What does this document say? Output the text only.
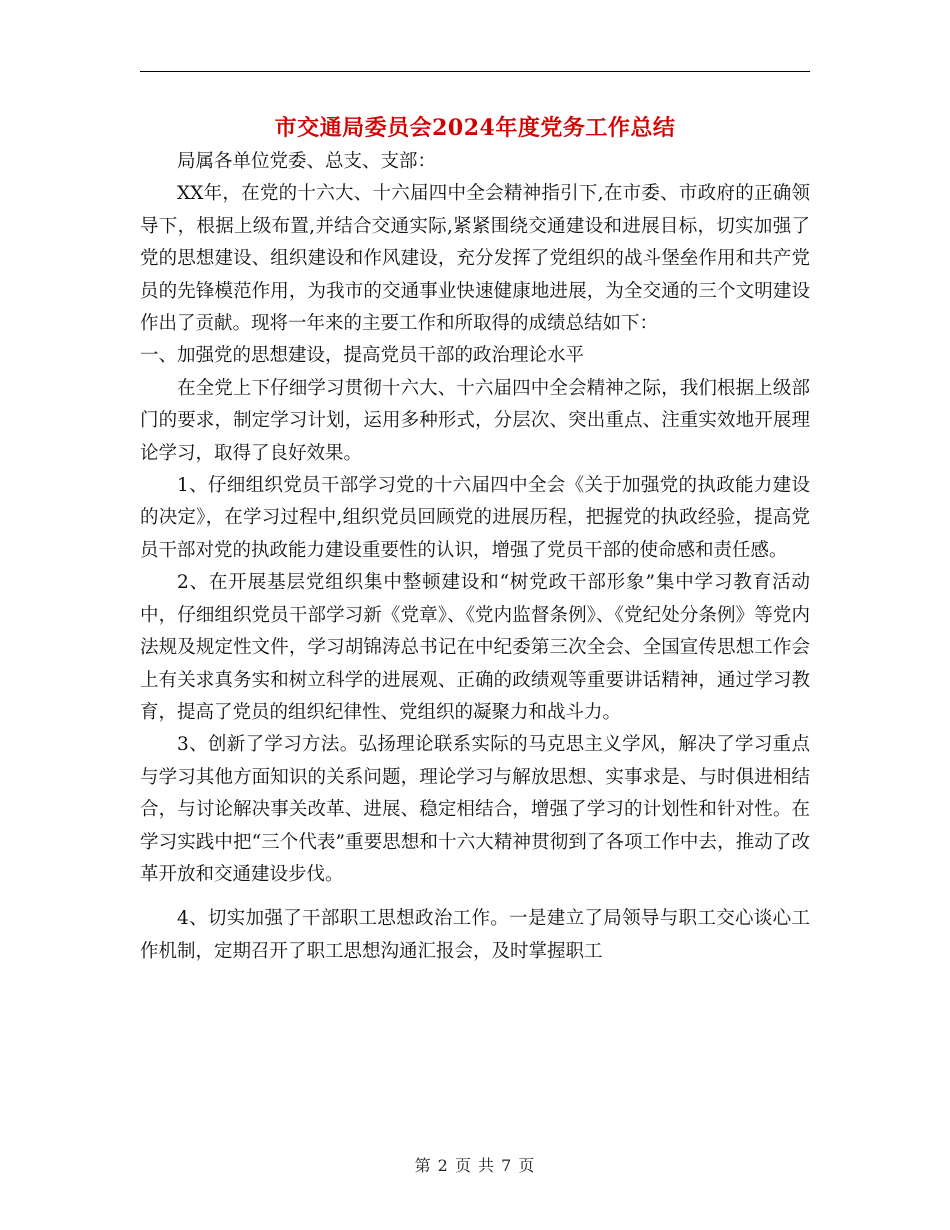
市交通局委员会2024年度党务工作总结

局属各单位党委、总支、支部：

XX年，在党的十六大、十六届四中全会精神指引下,在市委、市政府的正确领导下，根据上级布置,并结合交通实际,紧紧围绕交通建设和进展目标，切实加强了党的思想建设、组织建设和作风建设，充分发挥了党组织的战斗堡垒作用和共产党员的先锋模范作用，为我市的交通事业快速健康地进展，为全交通的三个文明建设作出了贡献。现将一年来的主要工作和所取得的成绩总结如下：

一、加强党的思想建设，提高党员干部的政治理论水平

在全党上下仔细学习贯彻十六大、十六届四中全会精神之际，我们根据上级部门的要求，制定学习计划，运用多种形式，分层次、突出重点、注重实效地开展理论学习，取得了良好效果。

1、仔细组织党员干部学习党的十六届四中全会《关于加强党的执政能力建设的决定》，在学习过程中,组织党员回顾党的进展历程，把握党的执政经验，提高党员干部对党的执政能力建设重要性的认识，增强了党员干部的使命感和责任感。

2、在开展基层党组织集中整顿建设和“树党政干部形象”集中学习教育活动中，仔细组织党员干部学习新《党章》、《党内监督条例》、《党纪处分条例》等党内法规及规定性文件，学习胡锦涛总书记在中纪委第三次全会、全国宣传思想工作会上有关求真务实和树立科学的进展观、正确的政绩观等重要讲话精神，通过学习教育，提高了党员的组织纪律性、党组织的凝聚力和战斗力。

3、创新了学习方法。弘扬理论联系实际的马克思主义学风，解决了学习重点与学习其他方面知识的关系问题，理论学习与解放思想、实事求是、与时俱进相结合，与讨论解决事关改革、进展、稳定相结合，增强了学习的计划性和针对性。在学习实践中把“三个代表”重要思想和十六大精神贯彻到了各项工作中去，推动了改革开放和交通建设步伐。

4、切实加强了干部职工思想政治工作。一是建立了局领导与职工交心谈心工作机制，定期召开了职工思想沟通汇报会，及时掌握职工

第 2 页 共 7 页
